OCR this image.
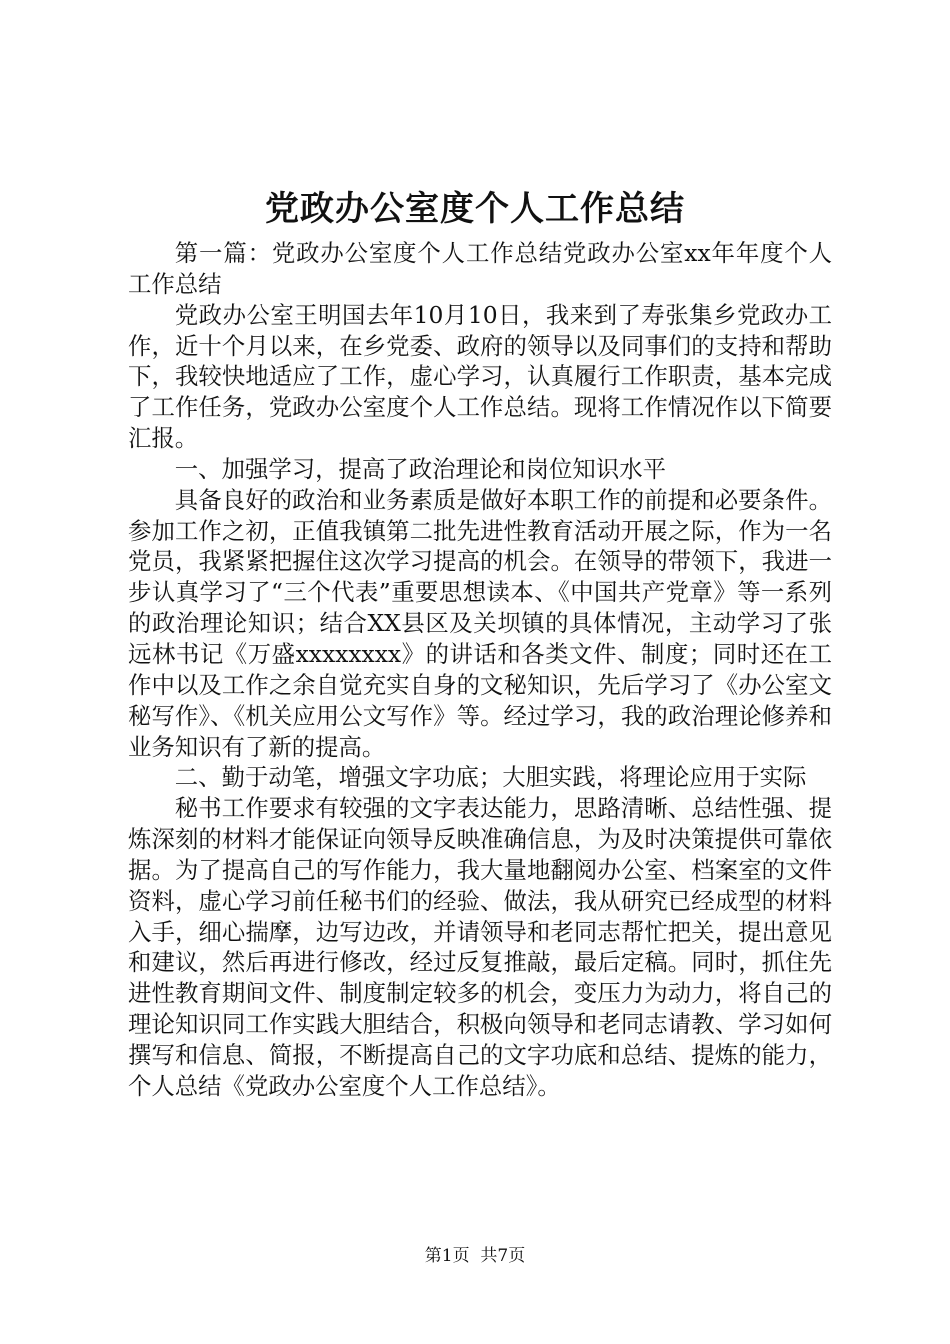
党政办公室度个人工作总结

第一篇：党政办公室度个人工作总结党政办公室xx年年度个人工作总结

党政办公室王明国去年10月10日，我来到了寿张集乡党政办工作，近十个月以来，在乡党委、政府的领导以及同事们的支持和帮助下，我较快地适应了工作，虚心学习，认真履行工作职责，基本完成了工作任务，党政办公室度个人工作总结。现将工作情况作以下简要汇报。

一、加强学习，提高了政治理论和岗位知识水平

具备良好的政治和业务素质是做好本职工作的前提和必要条件。参加工作之初，正值我镇第二批先进性教育活动开展之际，作为一名党员，我紧紧把握住这次学习提高的机会。在领导的带领下，我进一步认真学习了“三个代表”重要思想读本、《中国共产党章》等一系列的政治理论知识；结合XX县区及关坝镇的具体情况，主动学习了张远林书记《万盛xxxxxxxx》的讲话和各类文件、制度；同时还在工作中以及工作之余自觉充实自身的文秘知识，先后学习了《办公室文秘写作》、《机关应用公文写作》等。经过学习，我的政治理论修养和业务知识有了新的提高。

二、勤于动笔，增强文字功底；大胆实践，将理论应用于实际

秘书工作要求有较强的文字表达能力，思路清晰、总结性强、提炼深刻的材料才能保证向领导反映准确信息，为及时决策提供可靠依据。为了提高自己的写作能力，我大量地翻阅办公室、档案室的文件资料，虚心学习前任秘书们的经验、做法，我从研究已经成型的材料入手，细心揣摩，边写边改，并请领导和老同志帮忙把关，提出意见和建议，然后再进行修改，经过反复推敲，最后定稿。同时，抓住先进性教育期间文件、制度制定较多的机会，变压力为动力，将自己的理论知识同工作实践大胆结合，积极向领导和老同志请教、学习如何撰写和信息、简报，不断提高自己的文字功底和总结、提炼的能力，个人总结《党政办公室度个人工作总结》。

第1页 共7页
